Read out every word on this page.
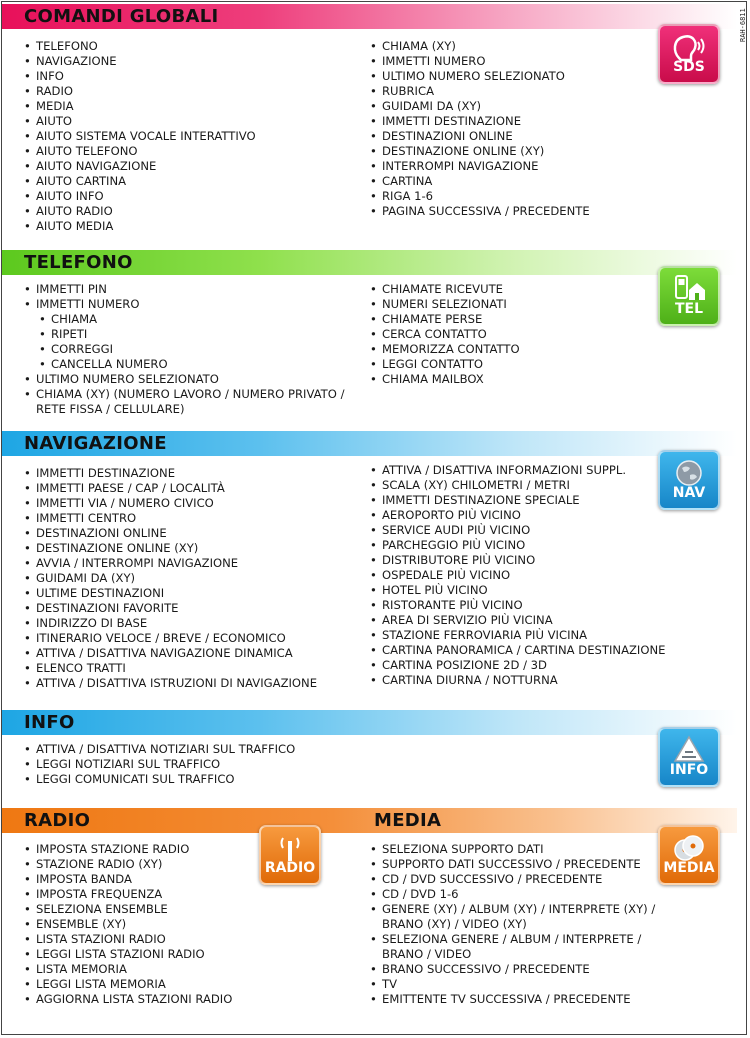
RAH-6811
COMANDI GLOBALI
• TELEFONO
• NAVIGAZIONE
• INFO
• RADIO
• MEDIA
• AIUTO
• AIUTO SISTEMA VOCALE INTERATTIVO
• AIUTO TELEFONO
• AIUTO NAVIGAZIONE
• AIUTO CARTINA
• AIUTO INFO
• AIUTO RADIO
• AIUTO MEDIA
• CHIAMA (XY)
• IMMETTI NUMERO
• ULTIMO NUMERO SELEZIONATO
• RUBRICA
• GUIDAMI DA (XY)
• IMMETTI DESTINAZIONE
• DESTINAZIONI ONLINE
• DESTINAZIONE ONLINE (XY)
• INTERROMPI NAVIGAZIONE
• CARTINA
• RIGA 1-6
• PAGINA SUCCESSIVA / PRECEDENTE
SDS
TELEFONO
• IMMETTI PIN
• IMMETTI NUMERO
• CHIAMA
• RIPETI
• CORREGGI
• CANCELLA NUMERO
• ULTIMO NUMERO SELEZIONATO
• CHIAMA (XY) (NUMERO LAVORO / NUMERO PRIVATO / RETE FISSA / CELLULARE)
• CHIAMATE RICEVUTE
• NUMERI SELEZIONATI
• CHIAMATE PERSE
• CERCA CONTATTO
• MEMORIZZA CONTATTO
• LEGGI CONTATTO
• CHIAMA MAILBOX
TEL
NAVIGAZIONE
• IMMETTI DESTINAZIONE
• IMMETTI PAESE / CAP / LOCALITÀ
• IMMETTI VIA / NUMERO CIVICO
• IMMETTI CENTRO
• DESTINAZIONI ONLINE
• DESTINAZIONE ONLINE (XY)
• AVVIA / INTERROMPI NAVIGAZIONE
• GUIDAMI DA (XY)
• ULTIME DESTINAZIONI
• DESTINAZIONI FAVORITE
• INDIRIZZO DI BASE
• ITINERARIO VELOCE / BREVE / ECONOMICO
• ATTIVA / DISATTIVA NAVIGAZIONE DINAMICA
• ELENCO TRATTI
• ATTIVA / DISATTIVA ISTRUZIONI DI NAVIGAZIONE
• ATTIVA / DISATTIVA INFORMAZIONI SUPPL.
• SCALA (XY) CHILOMETRI / METRI
• IMMETTI DESTINAZIONE SPECIALE
• AEROPORTO PIÙ VICINO
• SERVICE AUDI PIÙ VICINO
• PARCHEGGIO PIÙ VICINO
• DISTRIBUTORE PIÙ VICINO
• OSPEDALE PIÙ VICINO
• HOTEL PIÙ VICINO
• RISTORANTE PIÙ VICINO
• AREA DI SERVIZIO PIÙ VICINA
• STAZIONE FERROVIARIA PIÙ VICINA
• CARTINA PANORAMICA / CARTINA DESTINAZIONE
• CARTINA POSIZIONE 2D / 3D
• CARTINA DIURNA / NOTTURNA
NAV
INFO
• ATTIVA / DISATTIVA NOTIZIARI SUL TRAFFICO
• LEGGI NOTIZIARI SUL TRAFFICO
• LEGGI COMUNICATI SUL TRAFFICO
INFO
RADIO	MEDIA
• IMPOSTA STAZIONE RADIO
• STAZIONE RADIO (XY)
• IMPOSTA BANDA
• IMPOSTA FREQUENZA
• SELEZIONA ENSEMBLE
• ENSEMBLE (XY)
• LISTA STAZIONI RADIO
• LEGGI LISTA STAZIONI RADIO
• LISTA MEMORIA
• LEGGI LISTA MEMORIA
• AGGIORNA LISTA STAZIONI RADIO
RADIO
• SELEZIONA SUPPORTO DATI
• SUPPORTO DATI SUCCESSIVO / PRECEDENTE
• CD / DVD SUCCESSIVO / PRECEDENTE
• CD / DVD 1-6
• GENERE (XY) / ALBUM (XY) / INTERPRETE (XY) / BRANO (XY) / VIDEO (XY)
• SELEZIONA GENERE / ALBUM / INTERPRETE / BRANO / VIDEO
• BRANO SUCCESSIVO / PRECEDENTE
• TV
• EMITTENTE TV SUCCESSIVA / PRECEDENTE
MEDIA
